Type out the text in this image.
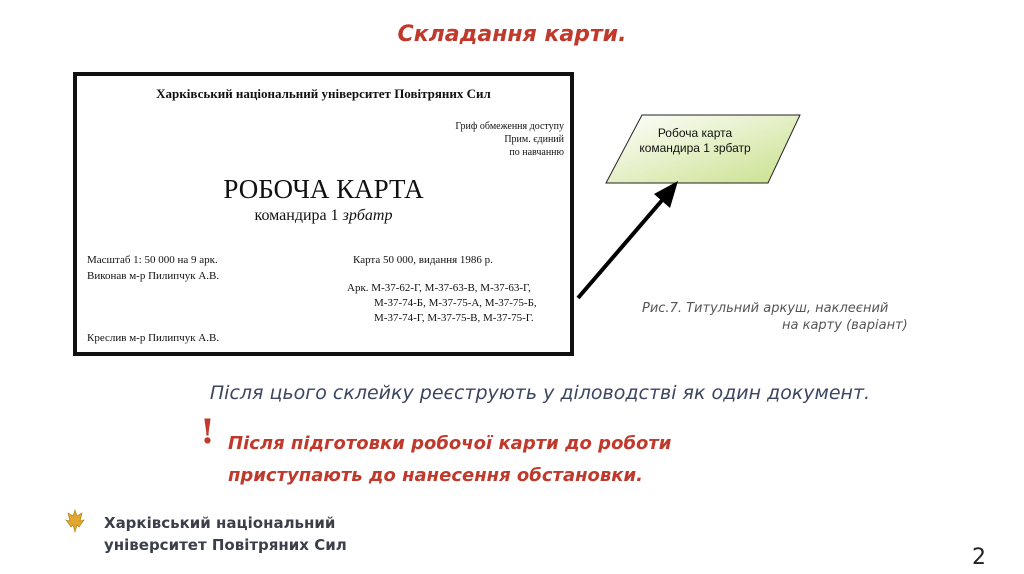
Складання карти.
Харківський національний університет Повітряних Сил
Гриф обмеження доступу
Прим. єдиний
по навчанню
РОБОЧА КАРТА
командира 1 зрбатр
Масштаб 1: 50 000 на 9 арк.	Карта 50 000, видання 1986 р.
Виконав м-р Пилипчук А.В.
Арк. М-37-62-Г, М-37-63-В, М-37-63-Г,
М-37-74-Б, М-37-75-А, М-37-75-Б,
М-37-74-Г, М-37-75-В, М-37-75-Г.
Креслив м-р Пилипчук А.В.
Робоча карта
командира 1 зрбатр
Рис.7. Титульний аркуш, наклеєний
на карту (варіант)
Після цього склейку реєструють у діловодстві як один документ.
! Після підготовки робочої карти до роботи
приступають до нанесення обстановки.
Харківський національний
університет Повітряних Сил	2
